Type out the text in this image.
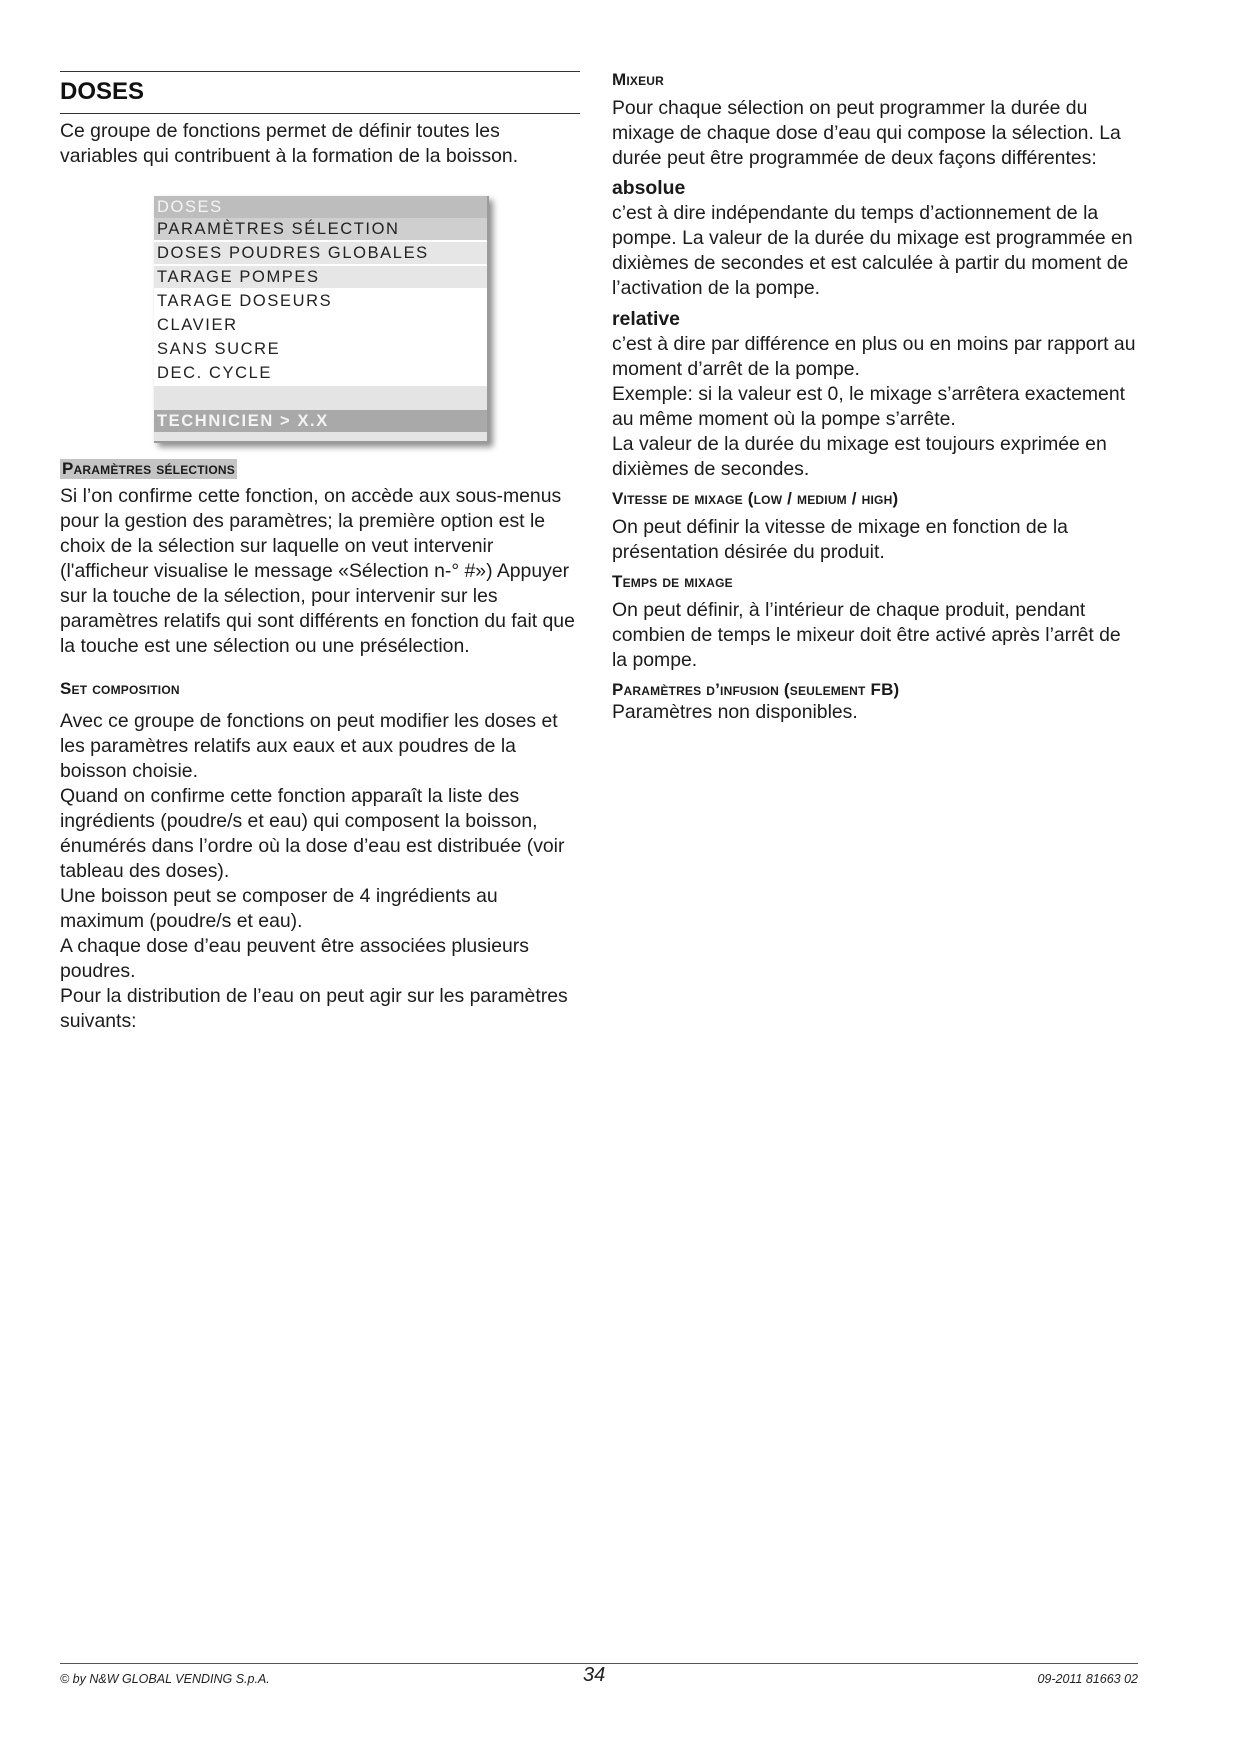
DOSES

Ce groupe de fonctions permet de définir toutes les variables qui contribuent à la formation de la boisson.

DOSES
PARAMÈTRES SÉLECTION
DOSES POUDRES GLOBALES
TARAGE POMPES
TARAGE DOSEURS
CLAVIER
SANS SUCRE
DEC. CYCLE
TECHNICIEN > X.X
Paramètres sélections

Si l’on confirme cette fonction, on accède aux sous-menus pour la gestion des paramètres; la première option est le choix de la sélection sur laquelle on veut intervenir (l'afficheur visualise le message «Sélection n-° #») Appuyer sur la touche de la sélection, pour intervenir sur les paramètres relatifs qui sont différents en fonction du fait que la touche est une sélection ou une présélection.

Set composition

Avec ce groupe de fonctions on peut modifier les doses et les paramètres relatifs aux eaux et aux poudres de la boisson choisie.

Quand on confirme cette fonction apparaît la liste des ingrédients (poudre/s et eau) qui composent la boisson, énumérés dans l’ordre où la dose d’eau est distribuée (voir tableau des doses).

Une boisson peut se composer de 4 ingrédients au maximum (poudre/s et eau).

A chaque dose d’eau peuvent être associées plusieurs poudres.

Pour la distribution de l’eau on peut agir sur les paramètres suivants:

Mixeur

Pour chaque sélection on peut programmer la durée du mixage de chaque dose d’eau qui compose la sélection. La durée peut être programmée de deux façons différentes:

absolue

c’est à dire indépendante du temps d’actionnement de la pompe. La valeur de la durée du mixage est programmée en dixièmes de secondes et est calculée à partir du moment de l’activation de la pompe.

relative

c’est à dire par différence en plus ou en moins par rapport au moment d’arrêt de la pompe.

Exemple: si la valeur est 0, le mixage s’arrêtera exactement au même moment où la pompe s’arrête.

La valeur de la durée du mixage est toujours exprimée en dixièmes de secondes.

Vitesse de mixage (low / medium / high)

On peut définir la vitesse de mixage en fonction de la présentation désirée du produit.

Temps de mixage

On peut définir, à l’intérieur de chaque produit, pendant combien de temps le mixeur doit être activé après l’arrêt de la pompe.

Paramètres d’infusion (seulement FB)

Paramètres non disponibles.

© by N&W GLOBAL VENDING S.p.A.	34	09-2011 81663 02
